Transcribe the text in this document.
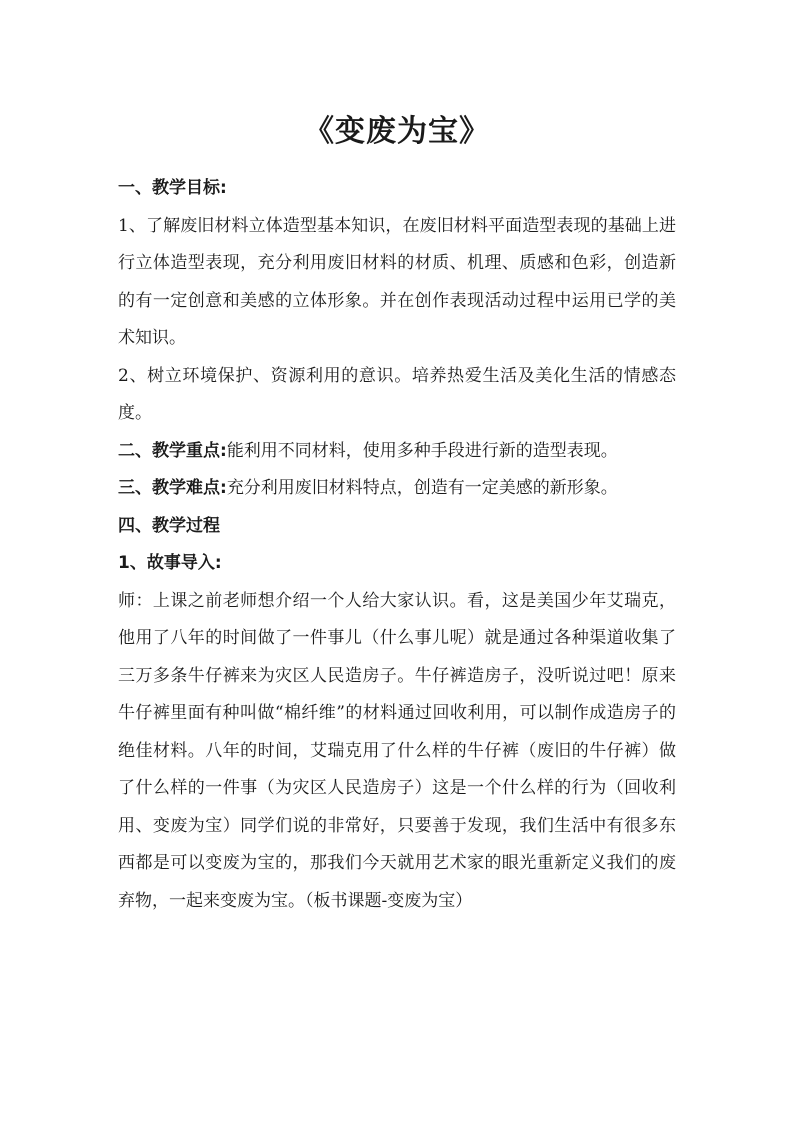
《变废为宝》

一、教学目标:

1、了解废旧材料立体造型基本知识，在废旧材料平面造型表现的基础上进行立体造型表现，充分利用废旧材料的材质、机理、质感和色彩，创造新的有一定创意和美感的立体形象。并在创作表现活动过程中运用已学的美术知识。

2、树立环境保护、资源利用的意识。培养热爱生活及美化生活的情感态度。

二、教学重点:能利用不同材料，使用多种手段进行新的造型表现。

三、教学难点:充分利用废旧材料特点，创造有一定美感的新形象。

四、教学过程

1、故事导入:

师：上课之前老师想介绍一个人给大家认识。看，这是美国少年艾瑞克，他用了八年的时间做了一件事儿（什么事儿呢）就是通过各种渠道收集了三万多条牛仔裤来为灾区人民造房子。牛仔裤造房子，没听说过吧！原来牛仔裤里面有种叫做“棉纤维”的材料通过回收利用，可以制作成造房子的绝佳材料。八年的时间，艾瑞克用了什么样的牛仔裤（废旧的牛仔裤）做了什么样的一件事（为灾区人民造房子）这是一个什么样的行为（回收利用、变废为宝）同学们说的非常好，只要善于发现，我们生活中有很多东西都是可以变废为宝的，那我们今天就用艺术家的眼光重新定义我们的废弃物，一起来变废为宝。（板书课题-变废为宝）
